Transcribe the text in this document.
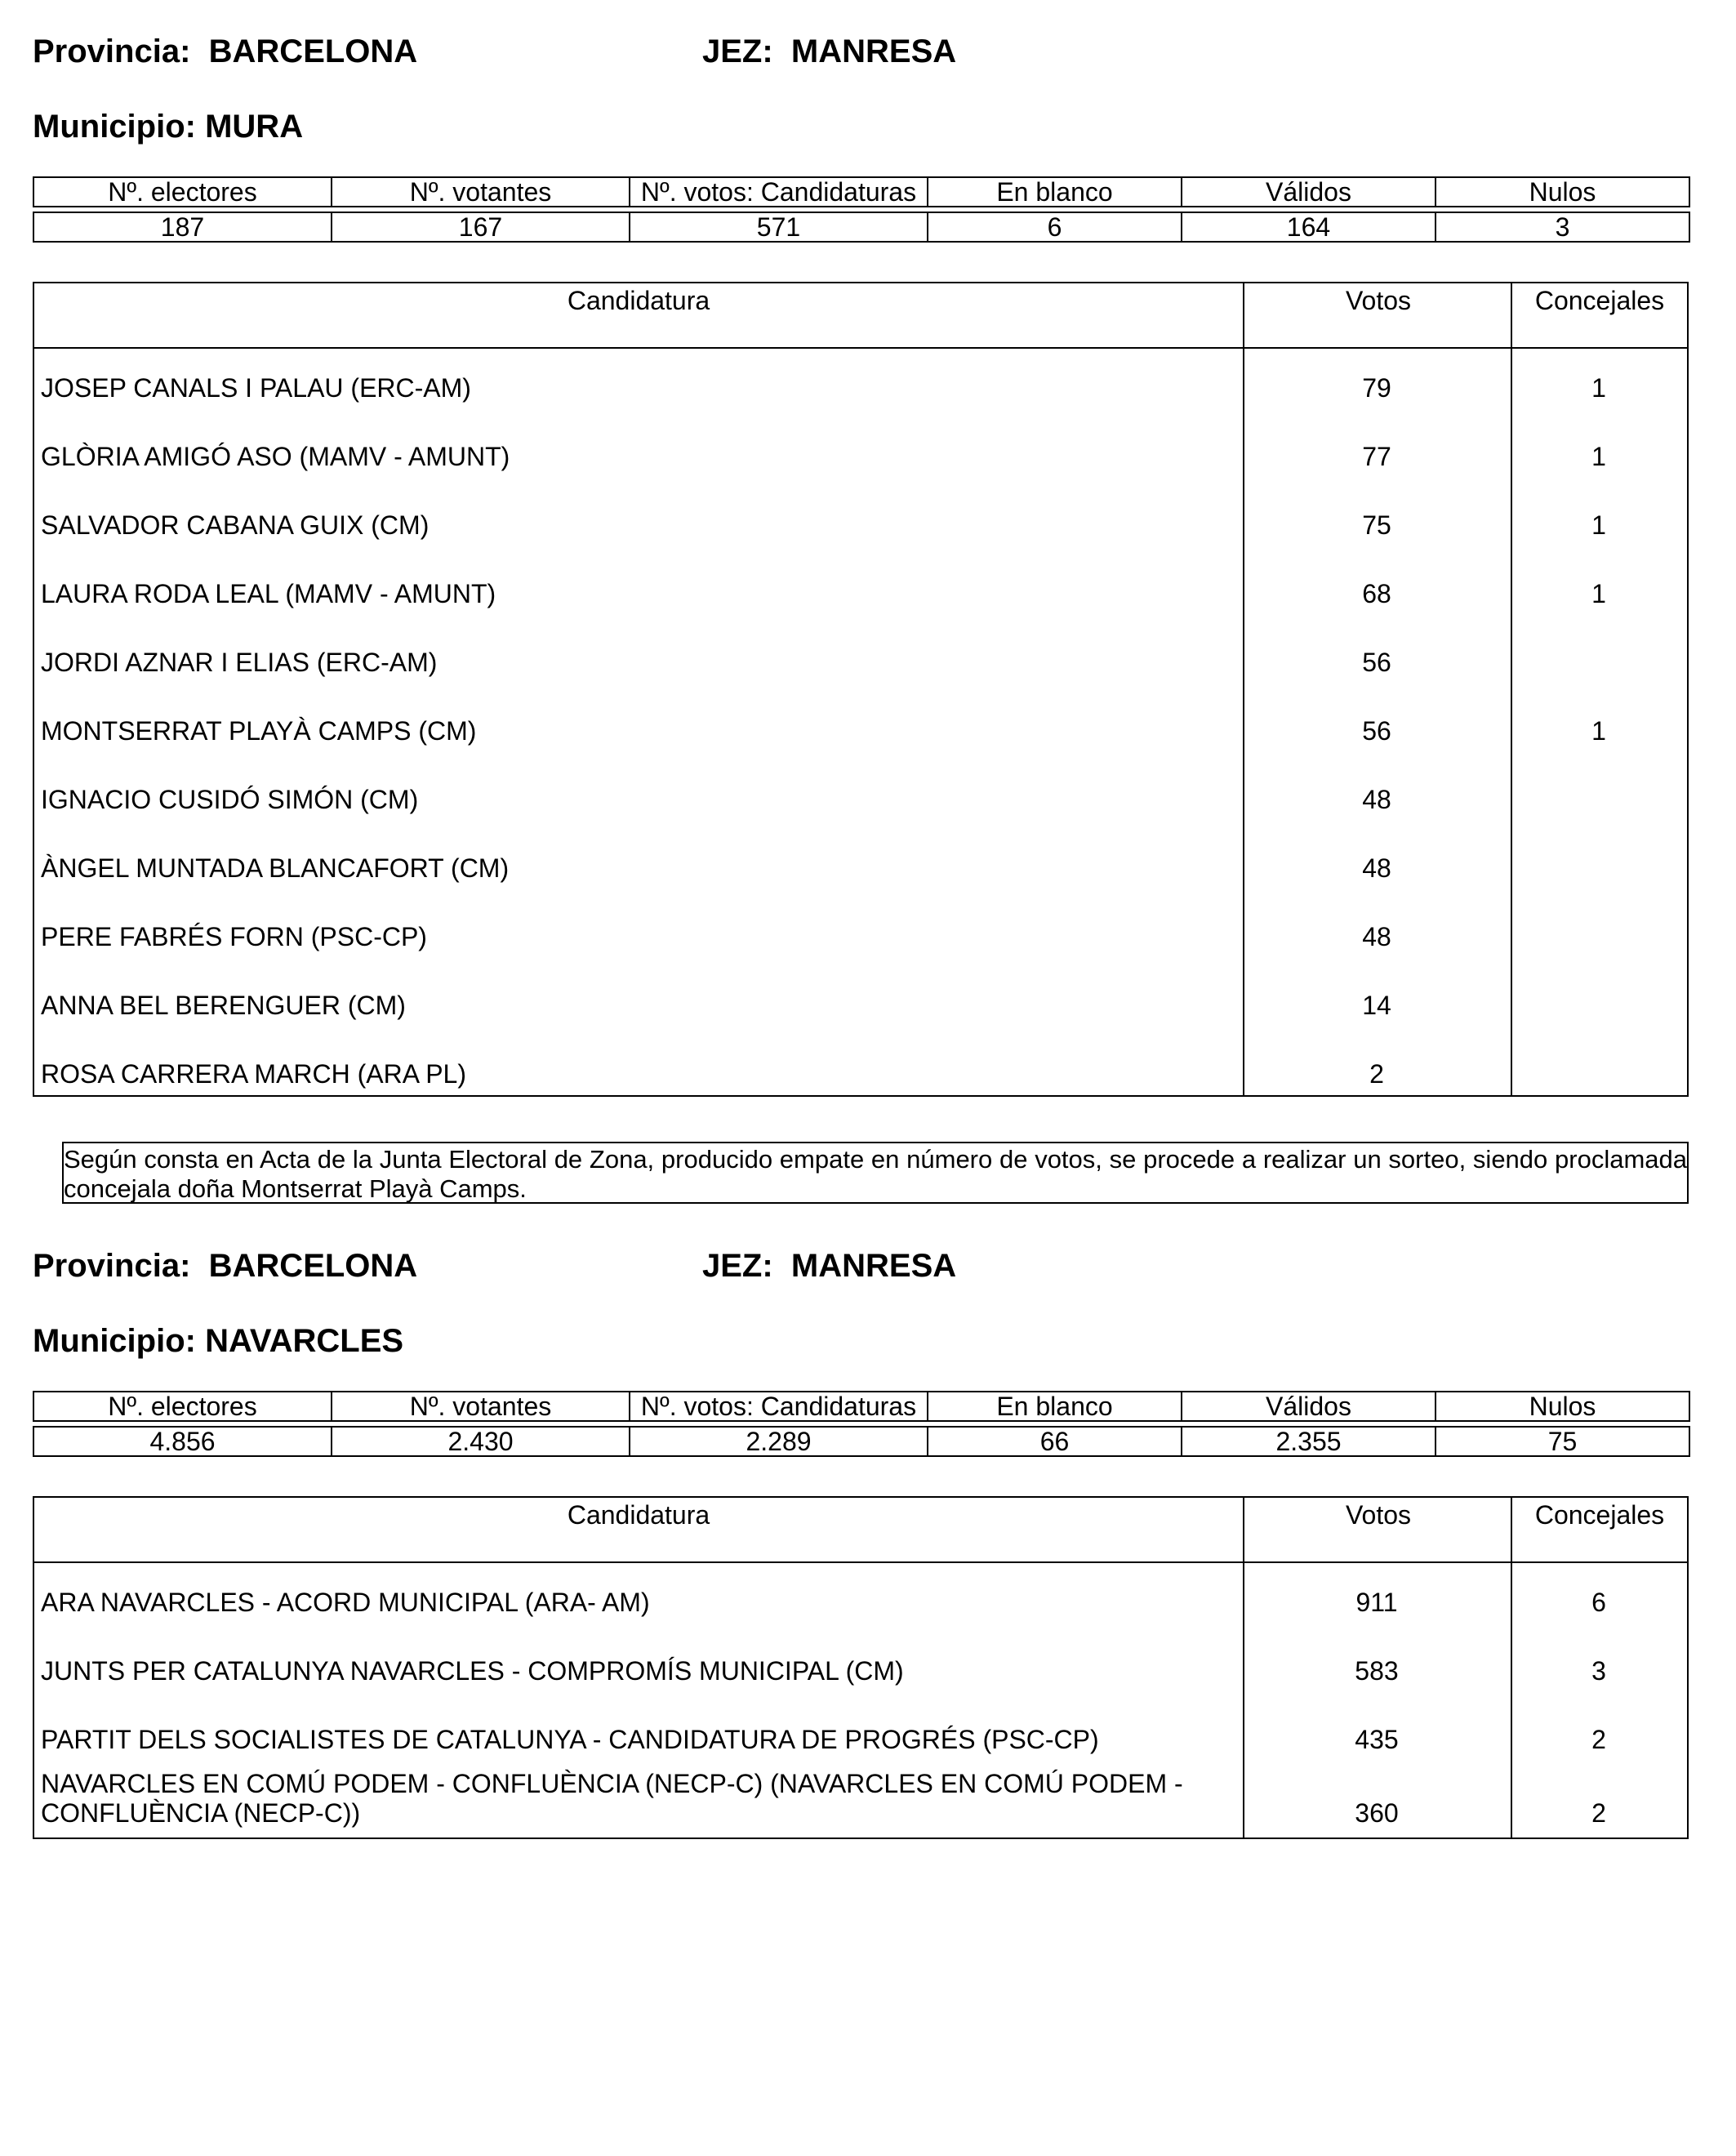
Provincia: BARCELONA	JEZ: MANRESA
Municipio: MURA
Nº. electores	Nº. votantes	Nº. votos: Candidaturas	En blanco	Válidos	Nulos

187	167	571	6	164	3
Candidatura	Votos	Concejales
JOSEP CANALS I PALAU (ERC-AM)	79	1
GLÒRIA AMIGÓ ASO (MAMV - AMUNT)	77	1
SALVADOR CABANA GUIX (CM)	75	1
LAURA RODA LEAL (MAMV - AMUNT)	68	1
JORDI AZNAR I ELIAS (ERC-AM)	56
MONTSERRAT PLAYÀ CAMPS (CM)	56	1
IGNACIO CUSIDÓ SIMÓN (CM)	48
ÀNGEL MUNTADA BLANCAFORT (CM)	48
PERE FABRÉS FORN (PSC-CP)	48
ANNA BEL BERENGUER (CM)	14
ROSA CARRERA MARCH (ARA PL)	2
Según consta en Acta de la Junta Electoral de Zona, producido empate en número de votos, se procede a realizar un sorteo, siendo proclamada concejala doña Montserrat Playà Camps.
Provincia: BARCELONA	JEZ: MANRESA
Municipio: NAVARCLES
Nº. electores	Nº. votantes	Nº. votos: Candidaturas	En blanco	Válidos	Nulos

4.856	2.430	2.289	66	2.355	75
Candidatura	Votos	Concejales
ARA NAVARCLES - ACORD MUNICIPAL (ARA- AM)	911	6
JUNTS PER CATALUNYA NAVARCLES - COMPROMÍS MUNICIPAL (CM)	583	3
PARTIT DELS SOCIALISTES DE CATALUNYA - CANDIDATURA DE PROGRÉS (PSC-CP)	435	2
NAVARCLES EN COMÚ PODEM - CONFLUÈNCIA (NECP-C) (NAVARCLES EN COMÚ PODEM - CONFLUÈNCIA (NECP-C))	360	2
